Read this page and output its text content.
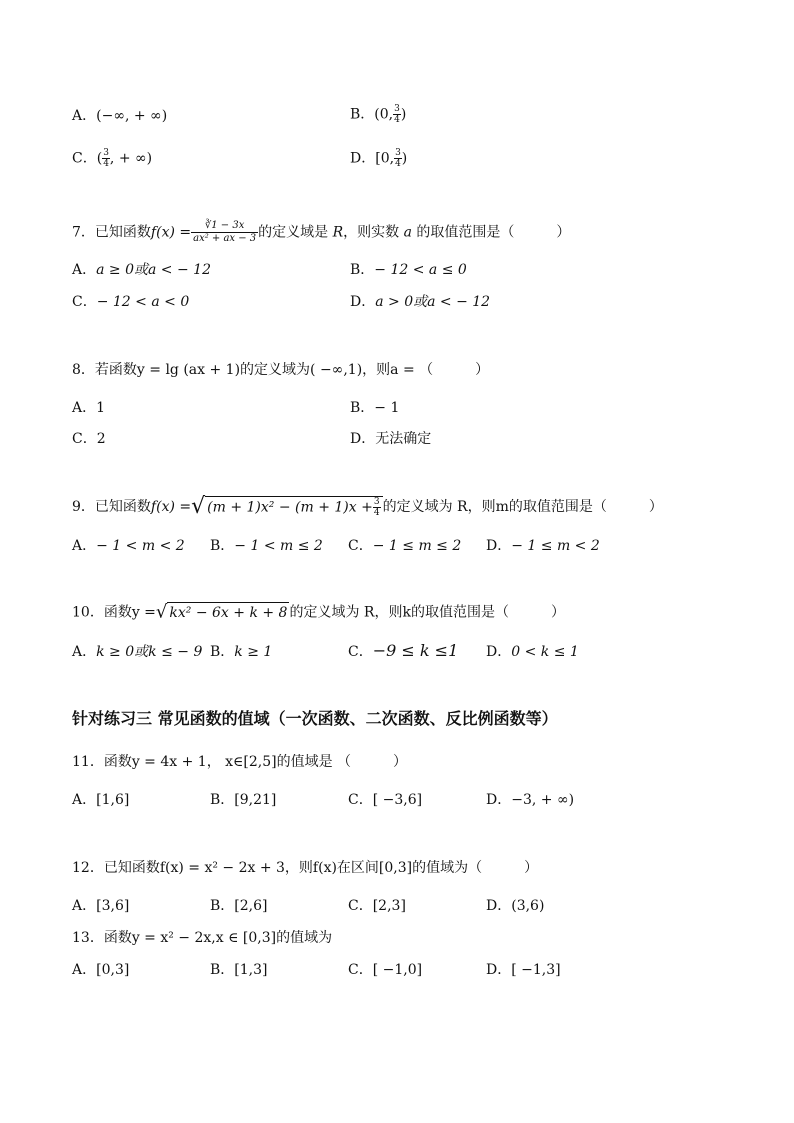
A．(−∞, + ∞)	B．(0, $\frac{3}{4}$ )
C．( $\frac{3}{4}$ , + ∞)	D．[0, $\frac{3}{4}$ )
7．已知函数$f(x) = \frac{∛1 - 3x}{\text{ax² + ax − 3}}$ 的定义域是 R，则实数 a 的取值范围是（　　　）
A．a ≥ 0或a < − 12	B．− 12 < a ≤ 0
C．− 12 < a < 0	D．a > 0或a < − 12
8．若函数y = lg (ax + 1)的定义域为( −∞,1)，则a = （　　　）
A．1	B．− 1
C．2	D．无法确定
9．已知函数f(x) =√ $(m + 1)x^2 - (m + 1)x + \frac{3}{4}$ 的定义域为 R，则m的取值范围是（　　　）
A．− 1 < m < 2 B．− 1 < m ≤ 2 C．− 1 ≤ m ≤ 2 D．− 1 ≤ m < 2
10．函数y =√ kx² − 6x + k + 8 的定义域为 R，则k的取值范围是（　　　）
A．k ≥ 0或k ≤ − 9 B．k ≥ 1	C．−9 ≤ k ≤1 D．0 < k ≤ 1
针对练习三 常见函数的值域（一次函数、二次函数、反比例函数等）
11．函数y = 4x + 1， x∈[2,5]的值域是 （　　　）
A．[1,6]	B．[9,21]	C．[ −3,6]	D．−3, + ∞)
12．已知函数f(x) = x² − 2x + 3，则f(x)在区间[0,3]的值域为（　　　）
A．[3,6]	B．[2,6]	C．[2,3]	D．(3,6)
13．函数y = x² − 2x,x ∈ [0,3]的值域为
A．[0,3]	B．[1,3]	C．[ −1,0]	D．[ −1,3]
